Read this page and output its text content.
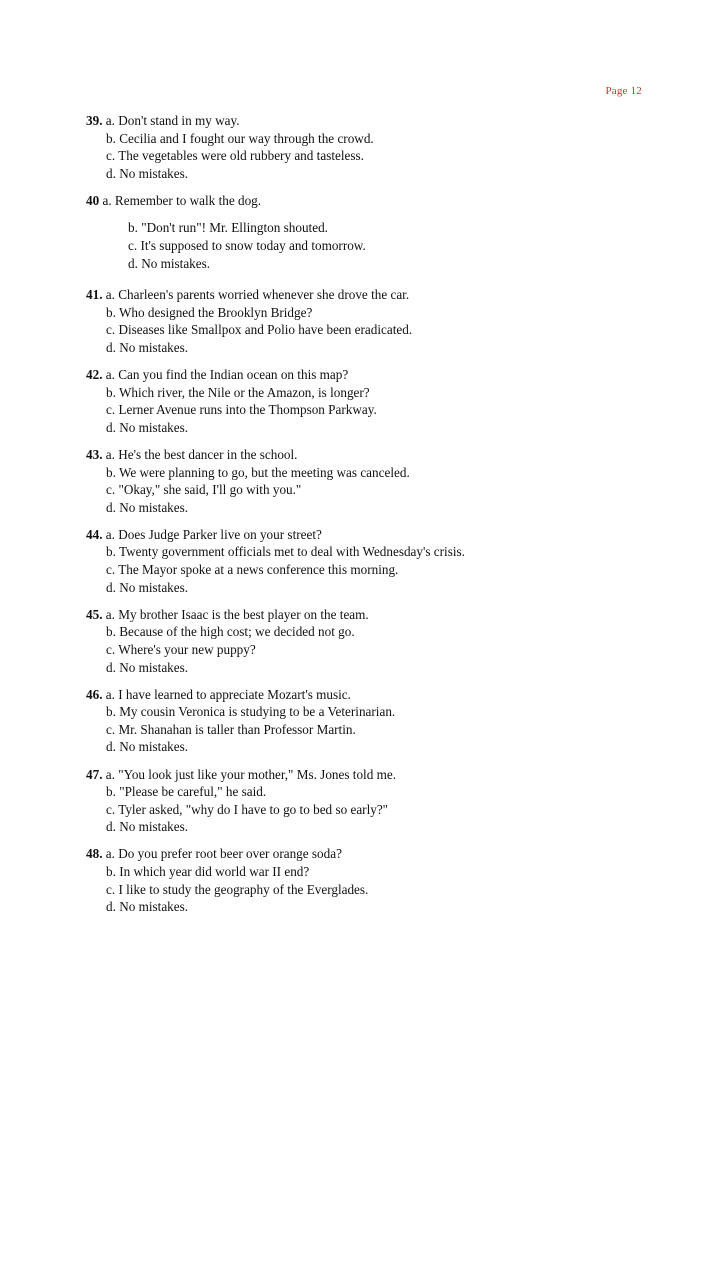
Page 12
39. a. Don't stand in my way.
b. Cecilia and I fought our way through the crowd.
c. The vegetables were old rubbery and tasteless.
d. No mistakes.
40 a. Remember to walk the dog.
b. "Don't run"! Mr. Ellington shouted.
c. It's supposed to snow today and tomorrow.
d. No mistakes.
41. a. Charleen's parents worried whenever she drove the car.
b. Who designed the Brooklyn Bridge?
c. Diseases like Smallpox and Polio have been eradicated.
d. No mistakes.
42. a. Can you find the Indian ocean on this map?
b. Which river, the Nile or the Amazon, is longer?
c. Lerner Avenue runs into the Thompson Parkway.
d. No mistakes.
43. a. He's the best dancer in the school.
b. We were planning to go, but the meeting was canceled.
c. "Okay," she said, I'll go with you."
d. No mistakes.
44. a. Does Judge Parker live on your street?
b. Twenty government officials met to deal with Wednesday's crisis.
c. The Mayor spoke at a news conference this morning.
d. No mistakes.
45. a. My brother Isaac is the best player on the team.
b. Because of the high cost; we decided not go.
c. Where's your new puppy?
d. No mistakes.
46. a. I have learned to appreciate Mozart's music.
b. My cousin Veronica is studying to be a Veterinarian.
c. Mr. Shanahan is taller than Professor Martin.
d. No mistakes.
47. a. "You look just like your mother," Ms. Jones told me.
b. "Please be careful," he said.
c. Tyler asked, "why do I have to go to bed so early?"
d. No mistakes.
48. a. Do you prefer root beer over orange soda?
b. In which year did world war II end?
c. I like to study the geography of the Everglades.
d. No mistakes.
